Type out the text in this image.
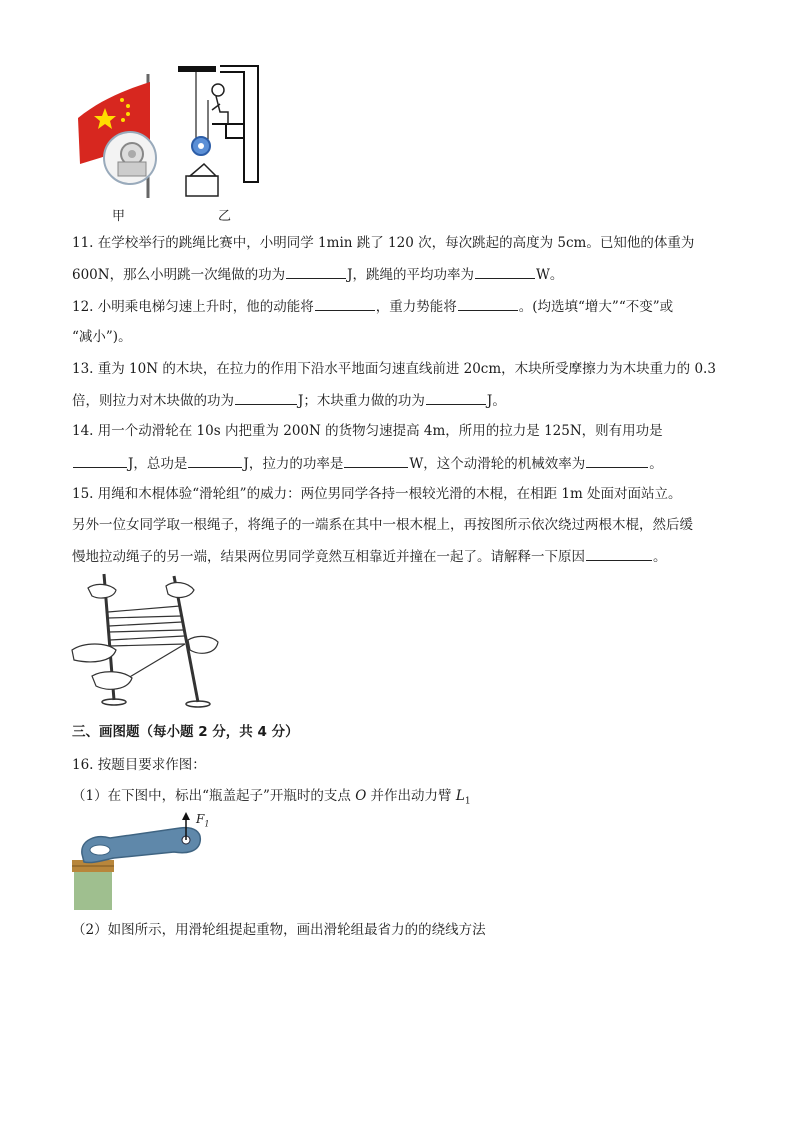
甲	乙
11. 在学校举行的跳绳比赛中，小明同学 1min 跳了 120 次，每次跳起的高度为 5cm。已知他的体重为
600N，那么小明跳一次绳做的功为	J，跳绳的平均功率为	W。
12. 小明乘电梯匀速上升时，他的动能将	，重力势能将	。(均选填“增大”“不变”或
“减小”)。
13. 重为 10N 的木块，在拉力的作用下沿水平地面匀速直线前进 20cm，木块所受摩擦力为木块重力的 0.3
倍，则拉力对木块做的功为	J；木块重力做的功为	J。
14. 用一个动滑轮在 10s 内把重为 200N 的货物匀速提高 4m，所用的拉力是 125N，则有用功是
J，总功是	J，拉力的功率是	W，这个动滑轮的机械效率为	。
15. 用绳和木棍体验“滑轮组”的威力：两位男同学各持一根较光滑的木棍，在相距 1m 处面对面站立。
另外一位女同学取一根绳子，将绳子的一端系在其中一根木棍上，再按图所示依次绕过两根木棍，然后缓
慢地拉动绳子的另一端，结果两位男同学竟然互相靠近并撞在一起了。请解释一下原因	。
三、画图题（每小题 2 分，共 4 分）
16. 按题目要求作图：
（1）在下图中，标出“瓶盖起子”开瓶时的支点 O 并作出动力臂 $L_1$
$F_1$
（2）如图所示，用滑轮组提起重物，画出滑轮组最省力的的绕线方法
